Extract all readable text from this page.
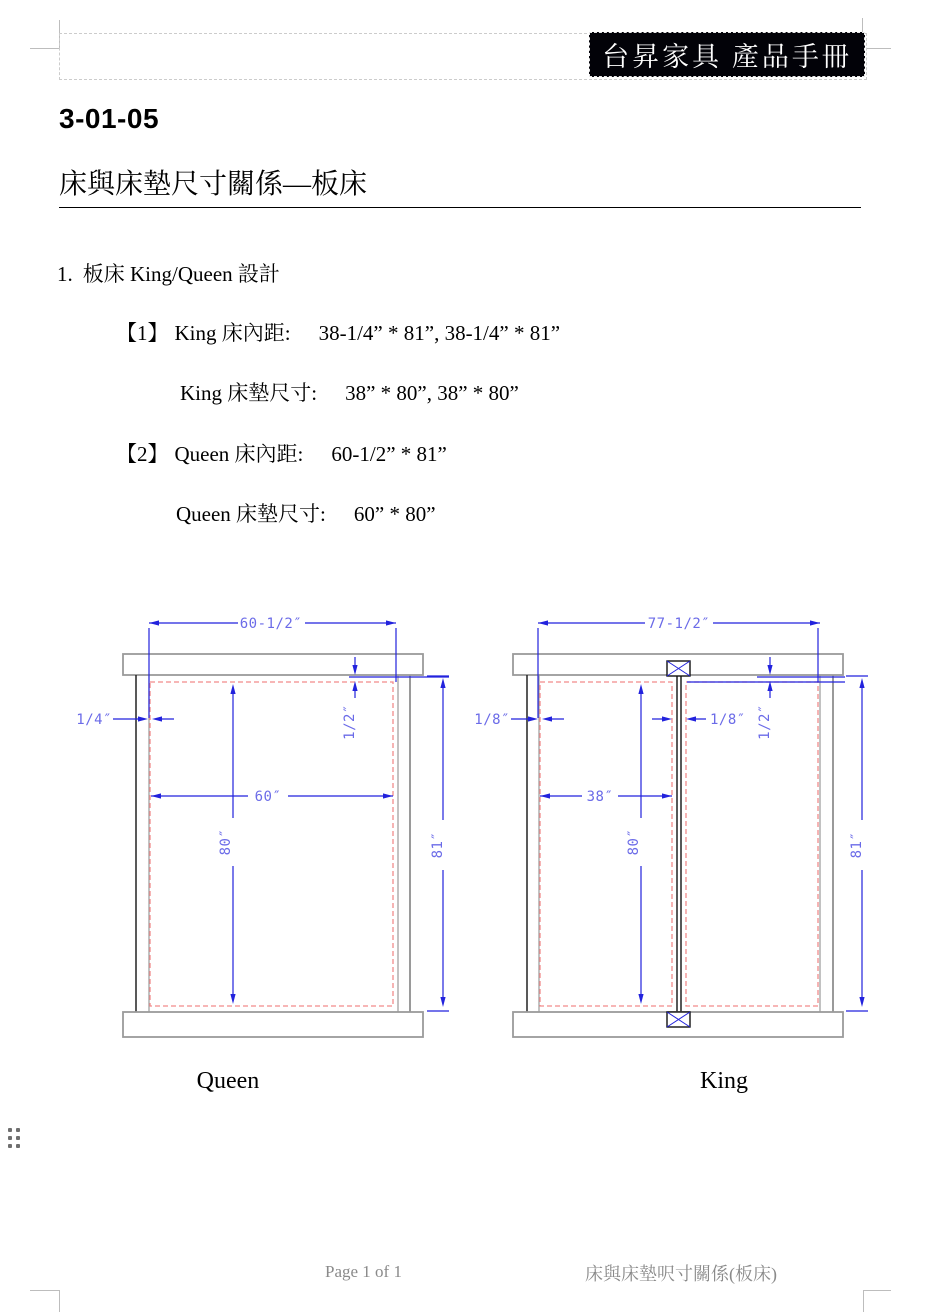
台昇家具 產品手冊
3-01-05
床與床墊尺寸關係—板床
1. 板床 King/Queen 設計
【1】 King 床內距: 38-1/4” * 81”, 38-1/4” * 81”
King 床墊尺寸: 38” * 80”, 38” * 80”
【2】 Queen 床內距: 60-1/2” * 81”
Queen 床墊尺寸: 60” * 80”
60-1/2″
1/4″
60″
80″
1/2″
81″
Queen
77-1/2″
1/8″	1/8″
38″
80″
1/2″
81″
King
Page 1 of 1	床與床墊呎寸關係(板床)
